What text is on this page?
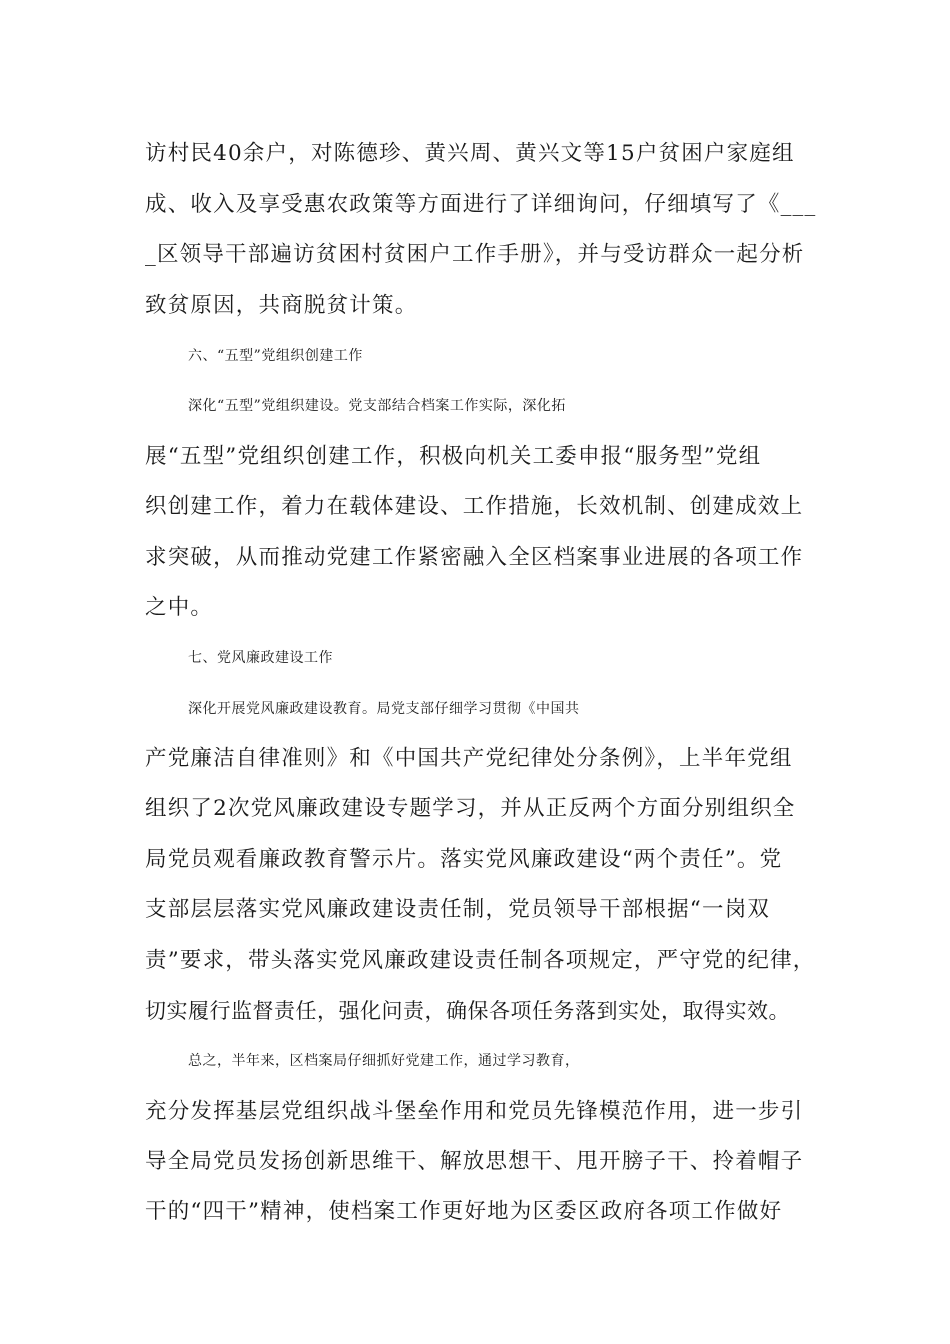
访村民40余户，对陈德珍、黄兴周、黄兴文等15户贫困户家庭组
成、收入及享受惠农政策等方面进行了详细询问，仔细填写了《___
_区领导干部遍访贫困村贫困户工作手册》，并与受访群众一起分析
致贫原因，共商脱贫计策。
六、“五型”党组织创建工作
深化“五型”党组织建设。党支部结合档案工作实际，深化拓
展“五型”党组织创建工作，积极向机关工委申报“服务型”党组
织创建工作，着力在载体建设、工作措施，长效机制、创建成效上
求突破，从而推动党建工作紧密融入全区档案事业进展的各项工作
之中。
七、党风廉政建设工作
深化开展党风廉政建设教育。局党支部仔细学习贯彻《中国共
产党廉洁自律准则》和《中国共产党纪律处分条例》，上半年党组
组织了2次党风廉政建设专题学习，并从正反两个方面分别组织全
局党员观看廉政教育警示片。落实党风廉政建设“两个责任”。党
支部层层落实党风廉政建设责任制，党员领导干部根据“一岗双
责”要求，带头落实党风廉政建设责任制各项规定，严守党的纪律，
切实履行监督责任，强化问责，确保各项任务落到实处，取得实效。
总之，半年来，区档案局仔细抓好党建工作，通过学习教育，
充分发挥基层党组织战斗堡垒作用和党员先锋模范作用，进一步引
导全局党员发扬创新思维干、解放思想干、甩开膀子干、拎着帽子
干的“四干”精神，使档案工作更好地为区委区政府各项工作做好
